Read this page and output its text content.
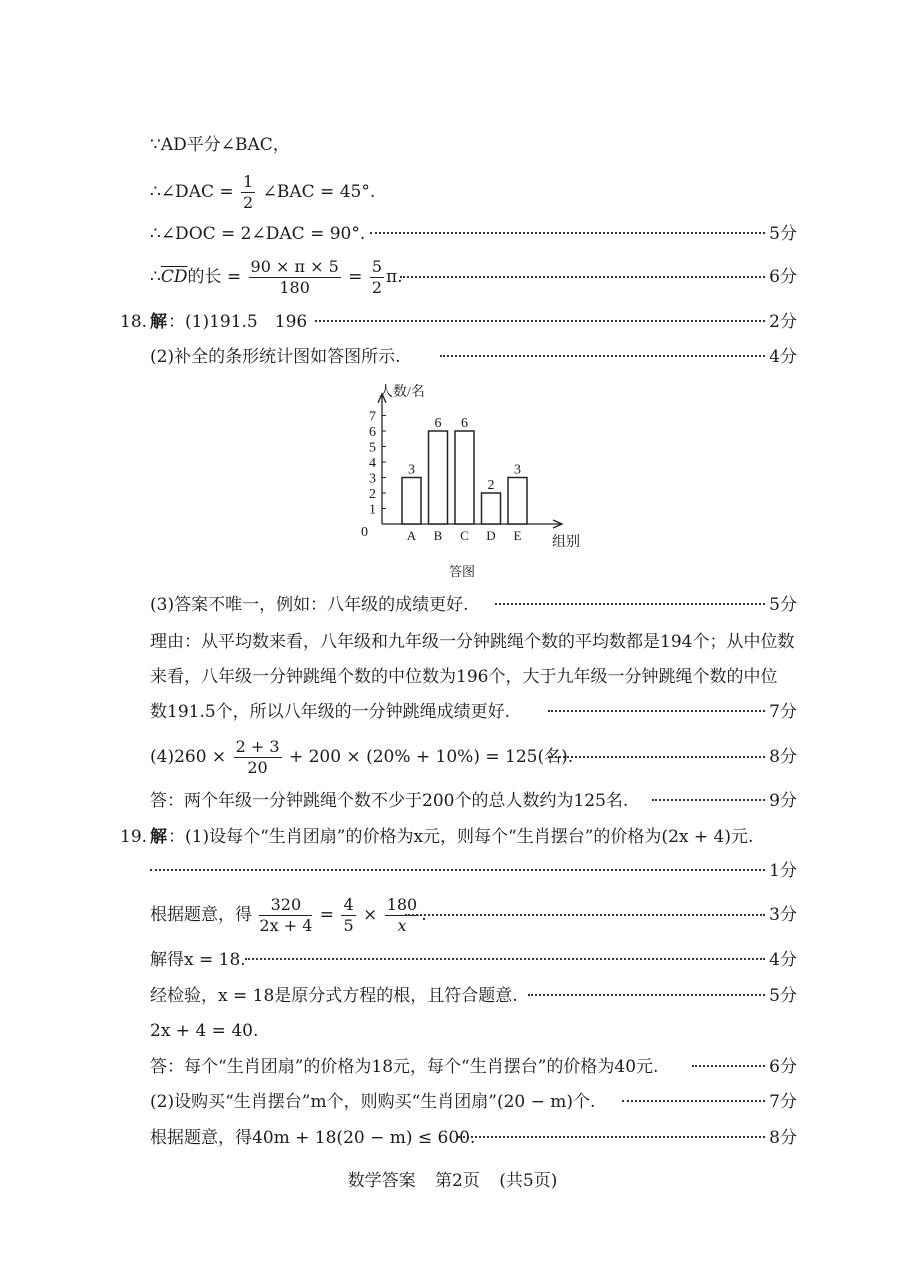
∵AD平分∠BAC，
∴∠DAC = $\frac{1}{2}$ ∠BAC = 45°.
∴∠DOC = 2∠DAC = 90°.	5分
$\therefore\overline{CD}$的长 = $\frac{90 \times \pi \times 5}{180} = \frac{5}{2} \pi$.	6分
18. 解 ：(1)191.5　196	2分
(2)补全的条形统计图如答图所示.	4分
0
1
2
3
4
5
6
7
人数/名
组别
3
A
6
B
6
C
2
D
3
E
答图
(3)答案不唯一，例如：八年级的成绩更好.	5分
理由：从平均数来看，八年级和九年级一分钟跳绳个数的平均数都是194个；从中位数
来看，八年级一分钟跳绳个数的中位数为196个，大于九年级一分钟跳绳个数的中位
数191.5个，所以八年级的一分钟跳绳成绩更好.	7分
$(4)260 \times \frac{2 + 3}{20} + 200 \times (20\% + 10\%) = 125$(名).	8分
答：两个年级一分钟跳绳个数不少于200个的总人数约为125名.	9分
19. 解 ：(1)设每个“生肖团扇”的价格为x元，则每个“生肖摆台”的价格为(2x + 4)元.
1分
根据题意，得 $\frac{320}{2x + 4} = \frac{4}{5} \times \frac{180}{x}$ .	3分
解得x = 18.	4分
经检验，x = 18是原分式方程的根，且符合题意.	5分
2x + 4 = 40.
答：每个“生肖团扇”的价格为18元，每个“生肖摆台”的价格为40元.	6分
(2)设购买“生肖摆台”m个，则购买“生肖团扇”(20 − m)个.	7分
根据题意，得40m + 18(20 − m) ≤ 600.	8分
数学答案 第2页 (共5页)
